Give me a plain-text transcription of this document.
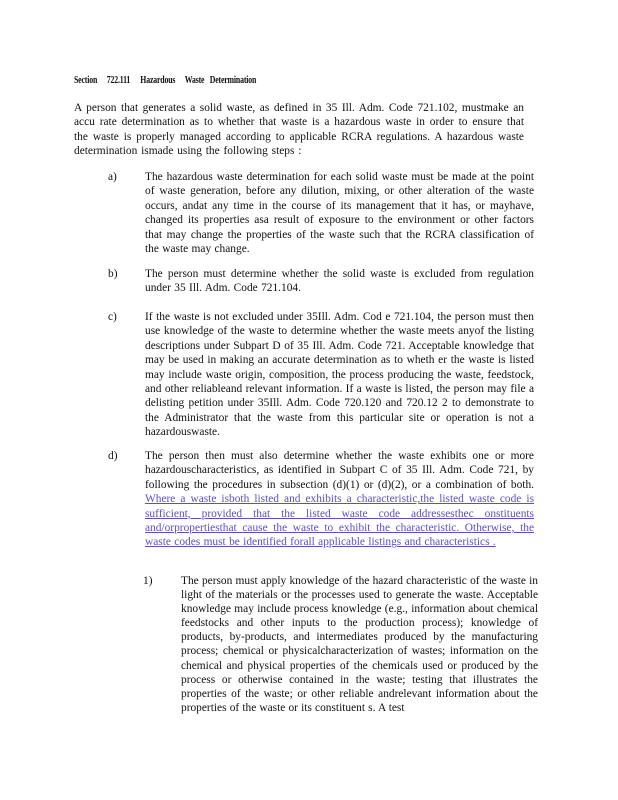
Section 722.111 Hazardous Waste Determination
A person that generates a solid waste, as defined in 35 Ill. Adm. Code 721.102, mustmake an accu rate determination as to whether that waste is a hazardous waste in order to ensure that the waste is properly managed according to applicable RCRA regulations. A hazardous waste determination ismade using the following steps :
a)	The hazardous waste determination for each solid waste must be made at the point of waste generation, before any dilution, mixing, or other alteration of the waste occurs, andat any time in the course of its management that it has, or mayhave, changed its properties asa result of exposure to the environment or other factors that may change the properties of the waste such that the RCRA classification of the waste may change.
b)	The person must determine whether the solid waste is excluded from regulation under 35 Ill. Adm. Code 721.104.
c)	If the waste is not excluded under 35Ill. Adm. Cod e 721.104, the person must then use knowledge of the waste to determine whether the waste meets anyof the listing descriptions under Subpart D of 35 Ill. Adm. Code 721. Acceptable knowledge that may be used in making an accurate determination as to wheth er the waste is listed may include waste origin, composition, the process producing the waste, feedstock, and other reliableand relevant information. If a waste is listed, the person may file a delisting petition under 35Ill. Adm. Code 720.120 and 720.12 2 to demonstrate to the Administrator that the waste from this particular site or operation is not a hazardouswaste.
d)	The person then must also determine whether the waste exhibits one or more hazardouscharacteristics, as identified in Subpart C of 35 Ill. Adm. Code 721, by following the procedures in subsection (d)(1) or (d)(2), or a combination of both. Where a waste isboth listed and exhibits a characteristic,the listed waste code is sufficient, provided that the listed waste code addressesthec onstituents and/orpropertiesthat cause the waste to exhibit the characteristic. Otherwise, the waste codes must be identified forall applicable listings and characteristics .
1)	The person must apply knowledge of the hazard characteristic of the waste in light of the materials or the processes used to generate the waste. Acceptable knowledge may include process knowledge (e.g., information about chemical feedstocks and other inputs to the production process); knowledge of products, by-products, and intermediates produced by the manufacturing process; chemical or physicalcharacterization of wastes; information on the chemical and physical properties of the chemicals used or produced by the process or otherwise contained in the waste; testing that illustrates the properties of the waste; or other reliable andrelevant information about the properties of the waste or its constituent s. A test
